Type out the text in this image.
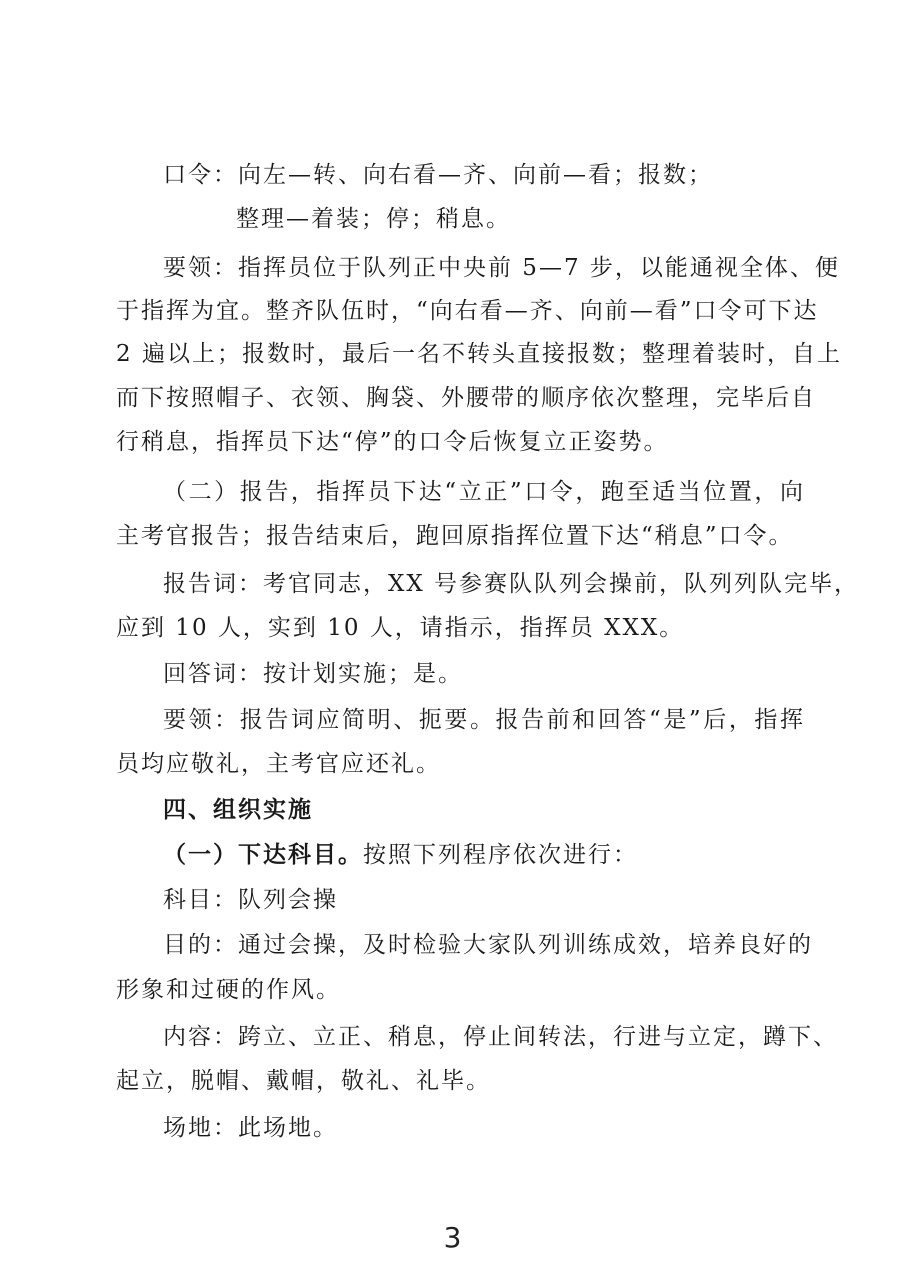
口令：向左—转、向右看—齐、向前—看；报数；
整理—着装；停；稍息。
要领：指挥员位于队列正中央前 5—7 步，以能通视全体、便
于指挥为宜。整齐队伍时，“向右看—齐、向前—看”口令可下达
2 遍以上；报数时，最后一名不转头直接报数；整理着装时，自上
而下按照帽子、衣领、胸袋、外腰带的顺序依次整理，完毕后自
行稍息，指挥员下达“停”的口令后恢复立正姿势。
（二）报告，指挥员下达“立正”口令，跑至适当位置，向
主考官报告；报告结束后，跑回原指挥位置下达“稍息”口令。
报告词：考官同志，XX 号参赛队队列会操前，队列列队完毕，
应到 10 人，实到 10 人，请指示，指挥员 XXX。
回答词：按计划实施；是。
要领：报告词应简明、扼要。报告前和回答“是”后，指挥
员均应敬礼，主考官应还礼。
四、组织实施
（一）下达科目。按照下列程序依次进行：
科目：队列会操
目的：通过会操，及时检验大家队列训练成效，培养良好的
形象和过硬的作风。
内容：跨立、立正、稍息，停止间转法，行进与立定，蹲下、
起立，脱帽、戴帽，敬礼、礼毕。
场地：此场地。
3
